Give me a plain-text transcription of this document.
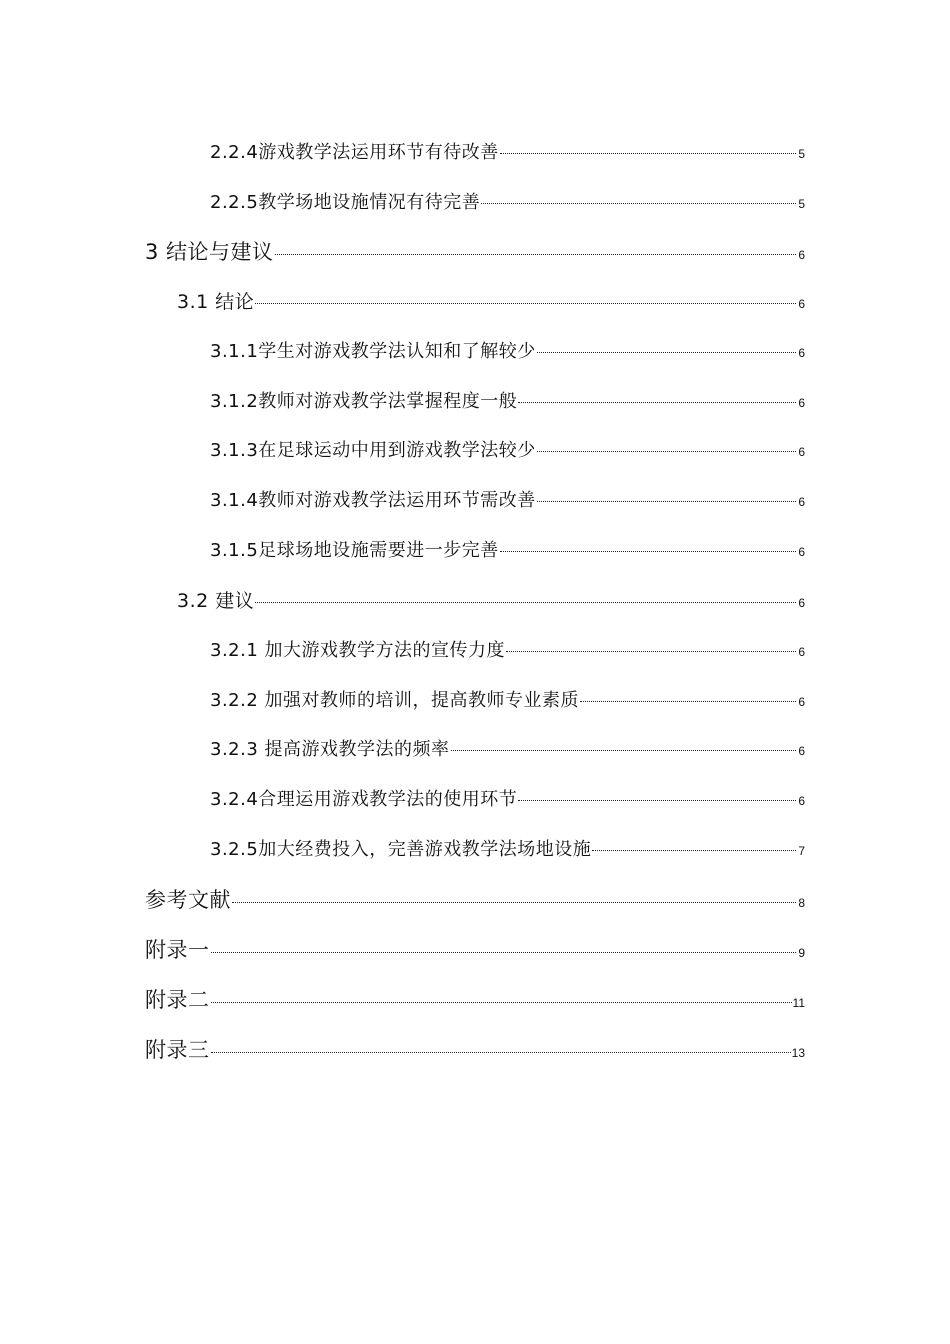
2.2.4游戏教学法运用环节有待改善	5
2.2.5教学场地设施情况有待完善	5
3 结论与建议	6
3.1 结论	6
3.1.1学生对游戏教学法认知和了解较少	6
3.1.2教师对游戏教学法掌握程度一般	6
3.1.3在足球运动中用到游戏教学法较少	6
3.1.4教师对游戏教学法运用环节需改善	6
3.1.5足球场地设施需要进一步完善	6
3.2 建议	6
3.2.1 加大游戏教学方法的宣传力度	6
3.2.2 加强对教师的培训，提高教师专业素质	6
3.2.3 提高游戏教学法的频率	6
3.2.4合理运用游戏教学法的使用环节	6
3.2.5加大经费投入，完善游戏教学法场地设施	7
参考文献	8
附录一	9
附录二	11
附录三	13
